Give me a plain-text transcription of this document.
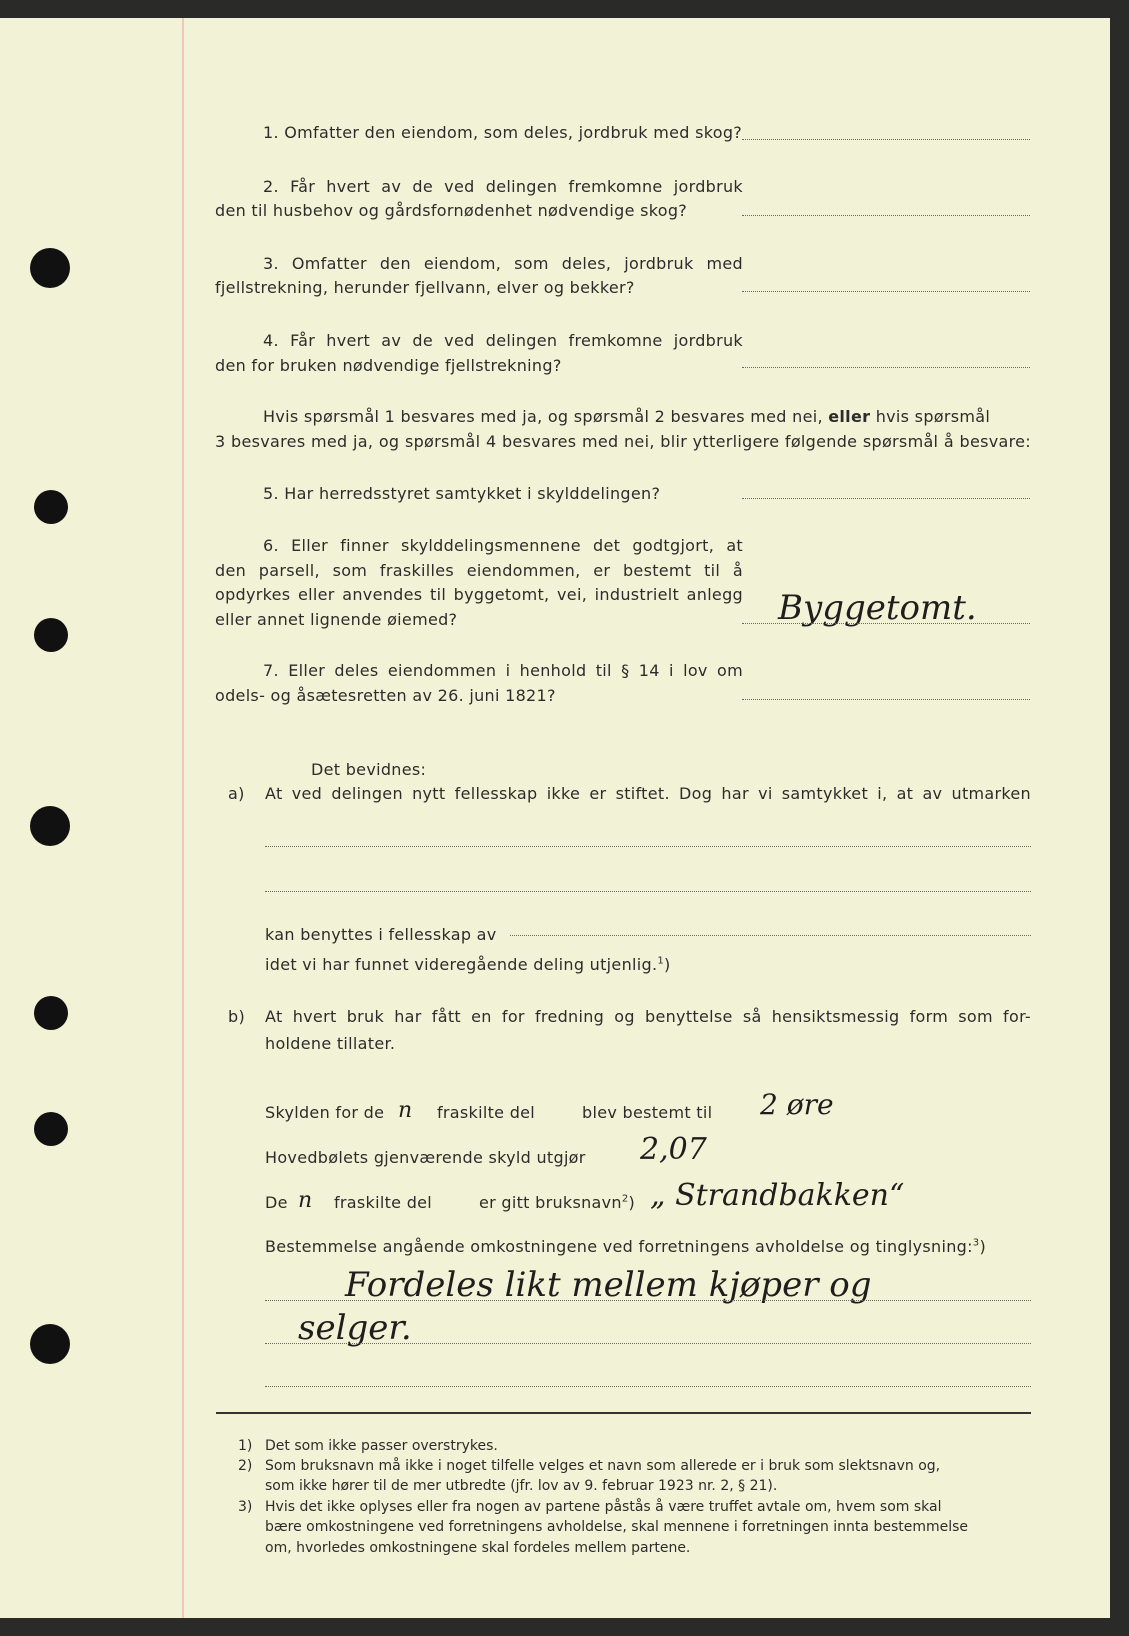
1. Omfatter den eiendom, som deles, jordbruk med skog?
2. Får hvert av de ved delingen fremkomne jordbruk
den til husbehov og gårdsfornødenhet nødvendige skog?
3. Omfatter den eiendom, som deles, jordbruk med
fjellstrekning, herunder fjellvann, elver og bekker?
4. Får hvert av de ved delingen fremkomne jordbruk
den for bruken nødvendige fjellstrekning?
Hvis spørsmål 1 besvares med ja, og spørsmål 2 besvares med nei, eller hvis spørsmål
3 besvares med ja, og spørsmål 4 besvares med nei, blir ytterligere følgende spørsmål å besvare:
5. Har herredsstyret samtykket i skylddelingen?
6. Eller finner skylddelingsmennene det godtgjort, at
den parsell, som fraskilles eiendommen, er bestemt til å
opdyrkes eller anvendes til byggetomt, vei, industrielt anlegg
eller annet lignende øiemed?	Byggetomt.
7. Eller deles eiendommen i henhold til § 14 i lov om
odels- og åsætesretten av 26. juni 1821?
Det bevidnes:
a) At ved delingen nytt fellesskap ikke er stiftet. Dog har vi samtykket i, at av utmarken
kan benyttes i fellesskap av
idet vi har funnet videregående deling utjenlig.$^1$)
b) At hvert bruk har fått en for fredning og benyttelse så hensiktsmessig form som for-
holdene tillater.
Skylden for de n fraskilte del	blev bestemt til 2 øre
Hovedbølets gjenværende skyld utgjør 2,07
De n fraskilte del	er gitt bruksnavn$^2$) „ Strandbakken“
Bestemmelse angående omkostningene ved forretningens avholdelse og tinglysning:$^3$)
Fordeles likt mellem kjøper og
selger.
1) Det som ikke passer overstrykes.
2) Som bruksnavn må ikke i noget tilfelle velges et navn som allerede er i bruk som slektsnavn og,
som ikke hører til de mer utbredte (jfr. lov av 9. februar 1923 nr. 2, § 21).
3) Hvis det ikke oplyses eller fra nogen av partene påstås å være truffet avtale om, hvem som skal
bære omkostningene ved forretningens avholdelse, skal mennene i forretningen innta bestemmelse
om, hvorledes omkostningene skal fordeles mellem partene.
